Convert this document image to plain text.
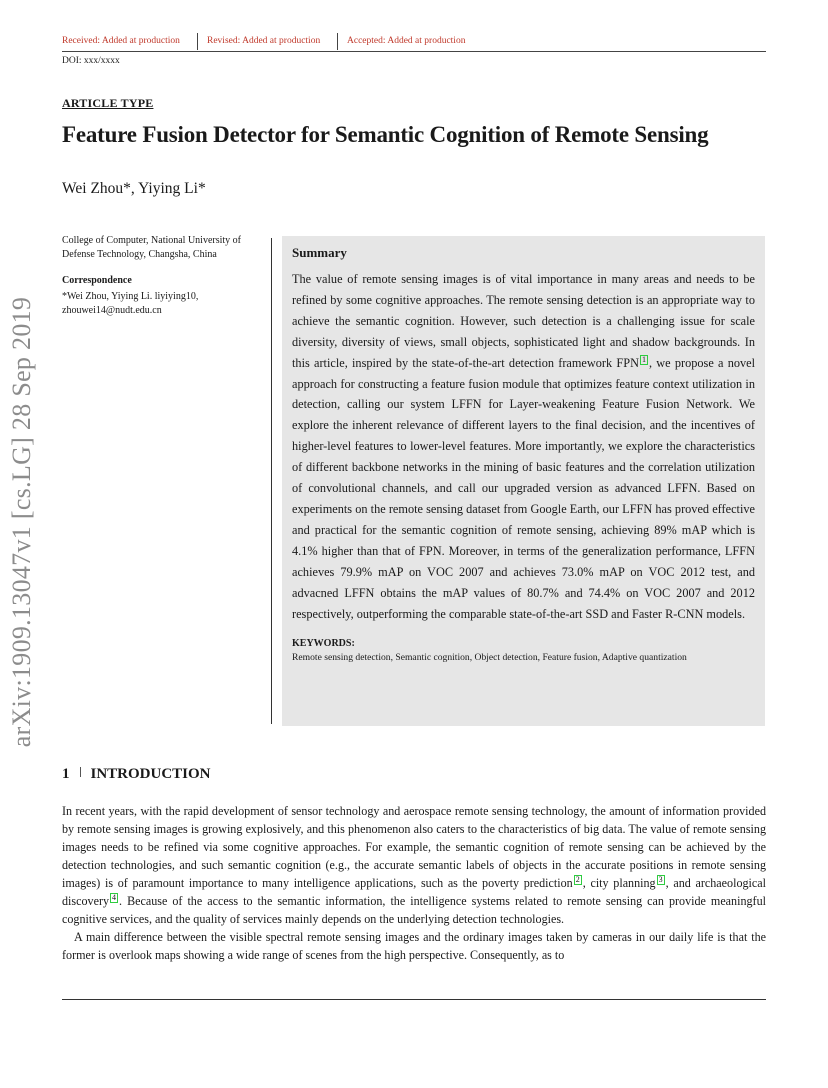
Received: Added at production	Revised: Added at production	Accepted: Added at production
DOI: xxx/xxxx
ARTICLE TYPE
Feature Fusion Detector for Semantic Cognition of Remote Sensing
Wei Zhou*, Yiying Li*
College of Computer, National University of Defense Technology, Changsha, China
Correspondence
*Wei Zhou, Yiying Li. liyiying10, zhouwei14@nudt.edu.cn
Summary
The value of remote sensing images is of vital importance in many areas and needs to be refined by some cognitive approaches. The remote sensing detection is an appropriate way to achieve the semantic cognition. However, such detection is a challenging issue for scale diversity, diversity of views, small objects, sophisticated light and shadow backgrounds. In this article, inspired by the state-of-the-art detection framework FPN 1 , we propose a novel approach for constructing a feature fusion module that optimizes feature context utilization in detection, calling our system LFFN for Layer-weakening Feature Fusion Network. We explore the inherent relevance of different layers to the final decision, and the incentives of higher-level features to lower-level features. More importantly, we explore the characteristics of different backbone networks in the mining of basic features and the correlation utilization of convolutional channels, and call our upgraded version as advanced LFFN. Based on experiments on the remote sensing dataset from Google Earth, our LFFN has proved effective and practical for the semantic cognition of remote sensing, achieving 89% mAP which is 4.1% higher than that of FPN. Moreover, in terms of the generalization performance, LFFN achieves 79.9% mAP on VOC 2007 and achieves 73.0% mAP on VOC 2012 test, and advacned LFFN obtains the mAP values of 80.7% and 74.4% on VOC 2007 and 2012 respectively, outperforming the comparable state-of-the-art SSD and Faster R-CNN models.
KEYWORDS:
Remote sensing detection, Semantic cognition, Object detection, Feature fusion, Adaptive quantization
arXiv:1909.13047v1 [cs.LG] 28 Sep 2019
1 INTRODUCTION

In recent years, with the rapid development of sensor technology and aerospace remote sensing technology, the amount of information provided by remote sensing images is growing explosively, and this phenomenon also caters to the characteristics of big data. The value of remote sensing images needs to be refined via some cognitive approaches. For example, the semantic cognition of remote sensing can be achieved by the detection technologies, and such semantic cognition (e.g., the accurate semantic labels of objects in the accurate positions in remote sensing images) is of paramount importance to many intelligence applications, such as the poverty prediction 2 , city planning 3 , and archaeological discovery 4 . Because of the access to the semantic information, the intelligence systems related to remote sensing can provide meaningful cognitive services, and the quality of services mainly depends on the underlying detection technologies.

A main difference between the visible spectral remote sensing images and the ordinary images taken by cameras in our daily life is that the former is overlook maps showing a wide range of scenes from the high perspective. Consequently, as to
